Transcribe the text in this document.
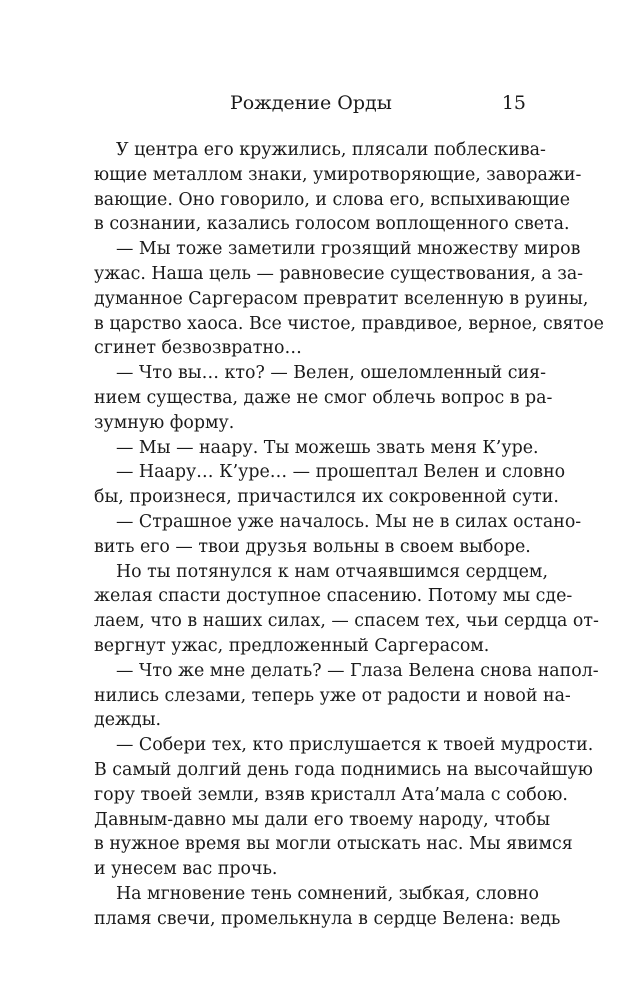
Рождение Орды	15
У центра его кружились, плясали поблескива-
ющие металлом знаки, умиротворяющие, заворажи-
вающие. Оно говорило, и слова его, вспыхивающие
в сознании, казались голосом воплощенного света.
— Мы тоже заметили грозящий множеству миров
ужас. Наша цель — равновесие существования, а за-
думанное Саргерасом превратит вселенную в руины,
в царство хаоса. Все чистое, правдивое, верное, святое
сгинет безвозвратно…
— Что вы… кто? — Велен, ошеломленный сия-
нием существа, даже не смог облечь вопрос в ра-
зумную форму.
— Мы — наару. Ты можешь звать меня К’уре.
— Наару… К’уре… — прошептал Велен и словно
бы, произнеся, причастился их сокровенной сути.
— Страшное уже началось. Мы не в силах остано-
вить его — твои друзья вольны в своем выборе.
Но ты потянулся к нам отчаявшимся сердцем,
желая спасти доступное спасению. Потому мы сде-
лаем, что в наших силах, — спасем тех, чьи сердца от-
вергнут ужас, предложенный Саргерасом.
— Что же мне делать? — Глаза Велена снова напол-
нились слезами, теперь уже от радости и новой на-
дежды.
— Собери тех, кто прислушается к твоей мудрости.
В самый долгий день года поднимись на высочайшую
гору твоей земли, взяв кристалл Ата’мала с собою.
Давным-давно мы дали его твоему народу, чтобы
в нужное время вы могли отыскать нас. Мы явимся
и унесем вас прочь.
На мгновение тень сомнений, зыбкая, словно
пламя свечи, промелькнула в сердце Велена: ведь
